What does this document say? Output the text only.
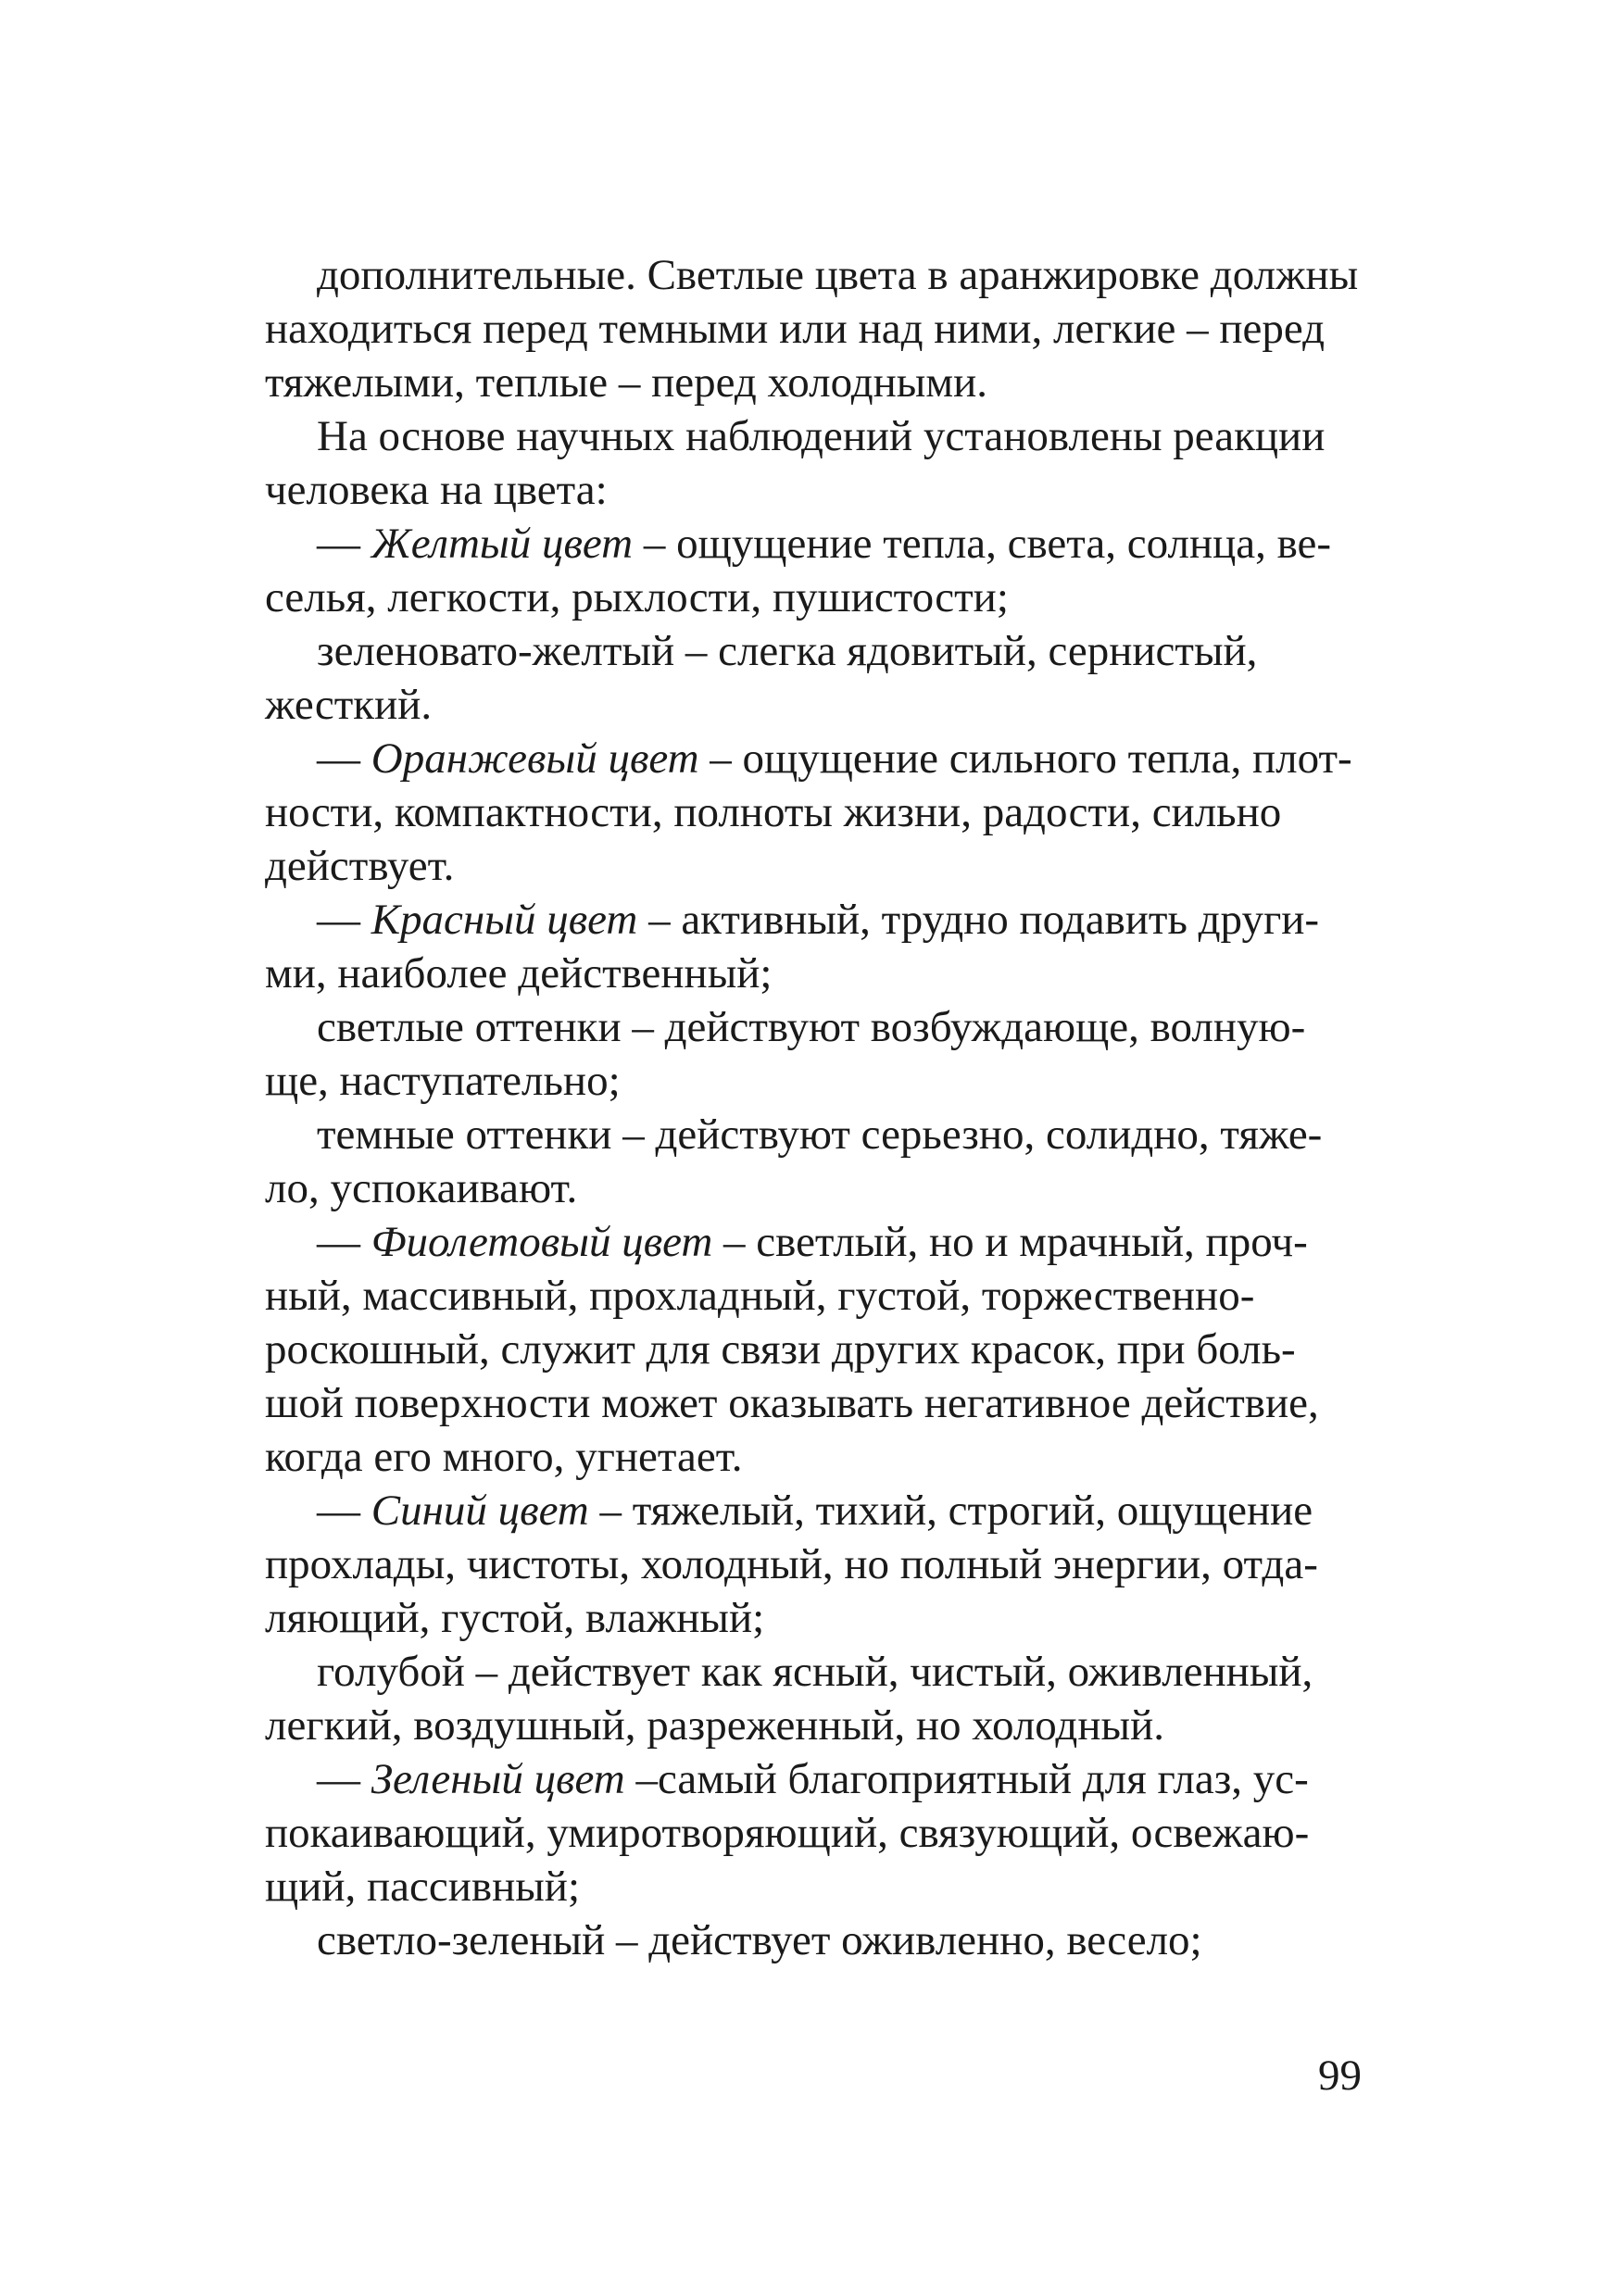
дополнительные. Светлые цвета в аранжировке должны
находиться перед темными или над ними, легкие – перед
тяжелыми, теплые – перед холодными.
На основе научных наблюдений установлены реакции
человека на цвета:
— Желтый цвет – ощущение тепла, света, солнца, ве-
селья, легкости, рыхлости, пушистости;
зеленовато-желтый – слегка ядовитый, сернистый,
жесткий.
— Оранжевый цвет – ощущение сильного тепла, плот-
ности, компактности, полноты жизни, радости, сильно
действует.
— Красный цвет – активный, трудно подавить други-
ми, наиболее действенный;
светлые оттенки – действуют возбуждающе, волную-
ще, наступательно;
темные оттенки – действуют серьезно, солидно, тяже-
ло, успокаивают.
— Фиолетовый цвет – светлый, но и мрачный, проч-
ный, массивный, прохладный, густой, торжественно-
роскошный, служит для связи других красок, при боль-
шой поверхности может оказывать негативное действие,
когда его много, угнетает.
— Синий цвет – тяжелый, тихий, строгий, ощущение
прохлады, чистоты, холодный, но полный энергии, отда-
ляющий, густой, влажный;
голубой – действует как ясный, чистый, оживленный,
легкий, воздушный, разреженный, но холодный.
— Зеленый цвет –самый благоприятный для глаз, ус-
покаивающий, умиротворяющий, связующий, освежаю-
щий, пассивный;
светло-зеленый – действует оживленно, весело;
99
